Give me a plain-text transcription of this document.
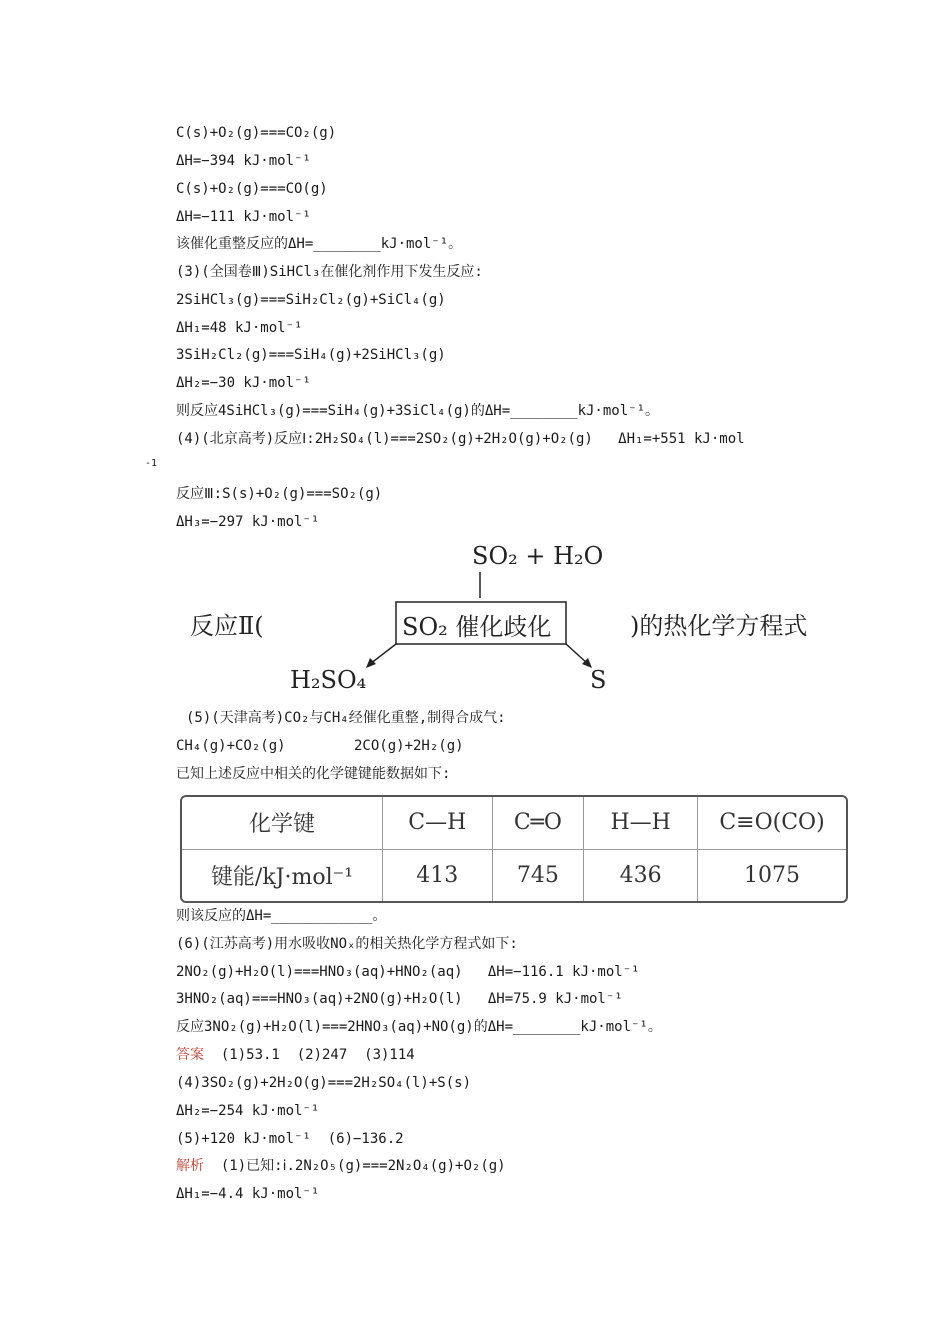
C(s)+O₂(g)===CO₂(g)
ΔH=−394 kJ·mol⁻¹
C(s)+O₂(g)===CO(g)
ΔH=−111 kJ·mol⁻¹
该催化重整反应的ΔH=________kJ·mol⁻¹。
(3)(全国卷Ⅲ)SiHCl₃在催化剂作用下发生反应:
2SiHCl₃(g)===SiH₂Cl₂(g)+SiCl₄(g)
ΔH₁=48 kJ·mol⁻¹
3SiH₂Cl₂(g)===SiH₄(g)+2SiHCl₃(g)
ΔH₂=−30 kJ·mol⁻¹
则反应4SiHCl₃(g)===SiH₄(g)+3SiCl₄(g)的ΔH=________kJ·mol⁻¹。
(4)(北京高考)反应Ⅰ:2H₂SO₄(l)===2SO₂(g)+2H₂O(g)+O₂(g)   ΔH₁=+551 kJ·mol
-1
反应Ⅲ:S(s)+O₂(g)===SO₂(g)
ΔH₃=−297 kJ·mol⁻¹
SO₂ + H₂O
反应Ⅱ(	SO₂ 催化歧化	)的热化学方程式
H₂SO₄	S
(5)(天津高考)CO₂与CH₄经催化重整,制得合成气:
CH₄(g)+CO₂(g)	2CO(g)+2H₂(g)
已知上述反应中相关的化学键键能数据如下:
化学键	C—H	C═O	H—H	C≡O(CO)
键能/kJ·mol⁻¹	413	745	436	1075
则该反应的ΔH=____________。
(6)(江苏高考)用水吸收NOₓ的相关热化学方程式如下:
2NO₂(g)+H₂O(l)===HNO₃(aq)+HNO₂(aq)   ΔH=−116.1 kJ·mol⁻¹
3HNO₂(aq)===HNO₃(aq)+2NO(g)+H₂O(l)   ΔH=75.9 kJ·mol⁻¹
反应3NO₂(g)+H₂O(l)===2HNO₃(aq)+NO(g)的ΔH=________kJ·mol⁻¹。
答案  (1)53.1  (2)247  (3)114
(4)3SO₂(g)+2H₂O(g)===2H₂SO₄(l)+S(s)
ΔH₂=−254 kJ·mol⁻¹
(5)+120 kJ·mol⁻¹  (6)−136.2
解析  (1)已知:ⅰ.2N₂O₅(g)===2N₂O₄(g)+O₂(g)
ΔH₁=−4.4 kJ·mol⁻¹
